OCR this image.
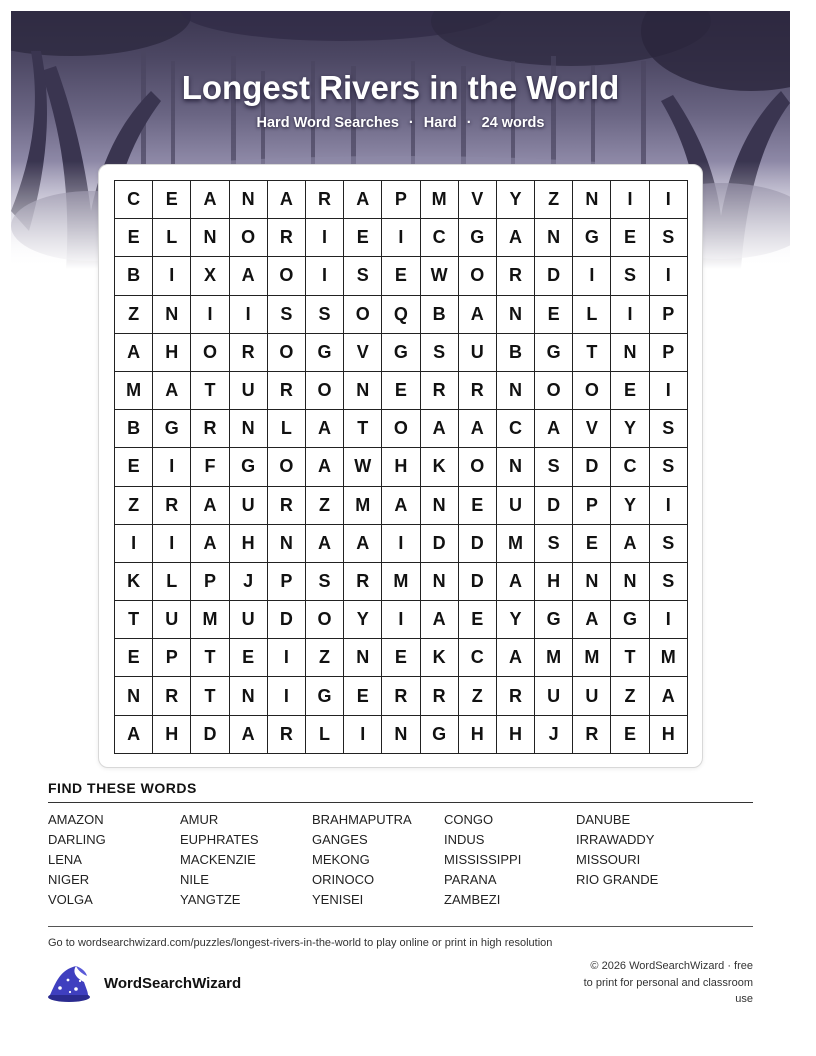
Longest Rivers in the World
Hard Word Searches · Hard · 24 words
C	E	A	N	A	R	A	P	M	V	Y	Z	N	I	I
E	L	N	O	R	I	E	I	C	G	A	N	G	E	S
B	I	X	A	O	I	S	E	W	O	R	D	I	S	I
Z	N	I	I	S	S	O	Q	B	A	N	E	L	I	P
A	H	O	R	O	G	V	G	S	U	B	G	T	N	P
M	A	T	U	R	O	N	E	R	R	N	O	O	E	I
B	G	R	N	L	A	T	O	A	A	C	A	V	Y	S
E	I	F	G	O	A	W	H	K	O	N	S	D	C	S
Z	R	A	U	R	Z	M	A	N	E	U	D	P	Y	I
I	I	A	H	N	A	A	I	D	D	M	S	E	A	S
K	L	P	J	P	S	R	M	N	D	A	H	N	N	S
T	U	M	U	D	O	Y	I	A	E	Y	G	A	G	I
E	P	T	E	I	Z	N	E	K	C	A	M	M	T	M
N	R	T	N	I	G	E	R	R	Z	R	U	U	Z	A
A	H	D	A	R	L	I	N	G	H	H	J	R	E	H
FIND THESE WORDS
AMAZON	AMUR	BRAHMAPUTRA	CONGO	DANUBE
DARLING	EUPHRATES	GANGES	INDUS	IRRAWADDY
LENA	MACKENZIE	MEKONG	MISSISSIPPI	MISSOURI
NIGER	NILE	ORINOCO	PARANA	RIO GRANDE
VOLGA	YANGTZE	YENISEI	ZAMBEZI
Go to wordsearchwizard.com/puzzles/longest-rivers-in-the-world to play online or print in high resolution
WordSearchWizard
© 2026 WordSearchWizard · free to print for personal and classroom use
